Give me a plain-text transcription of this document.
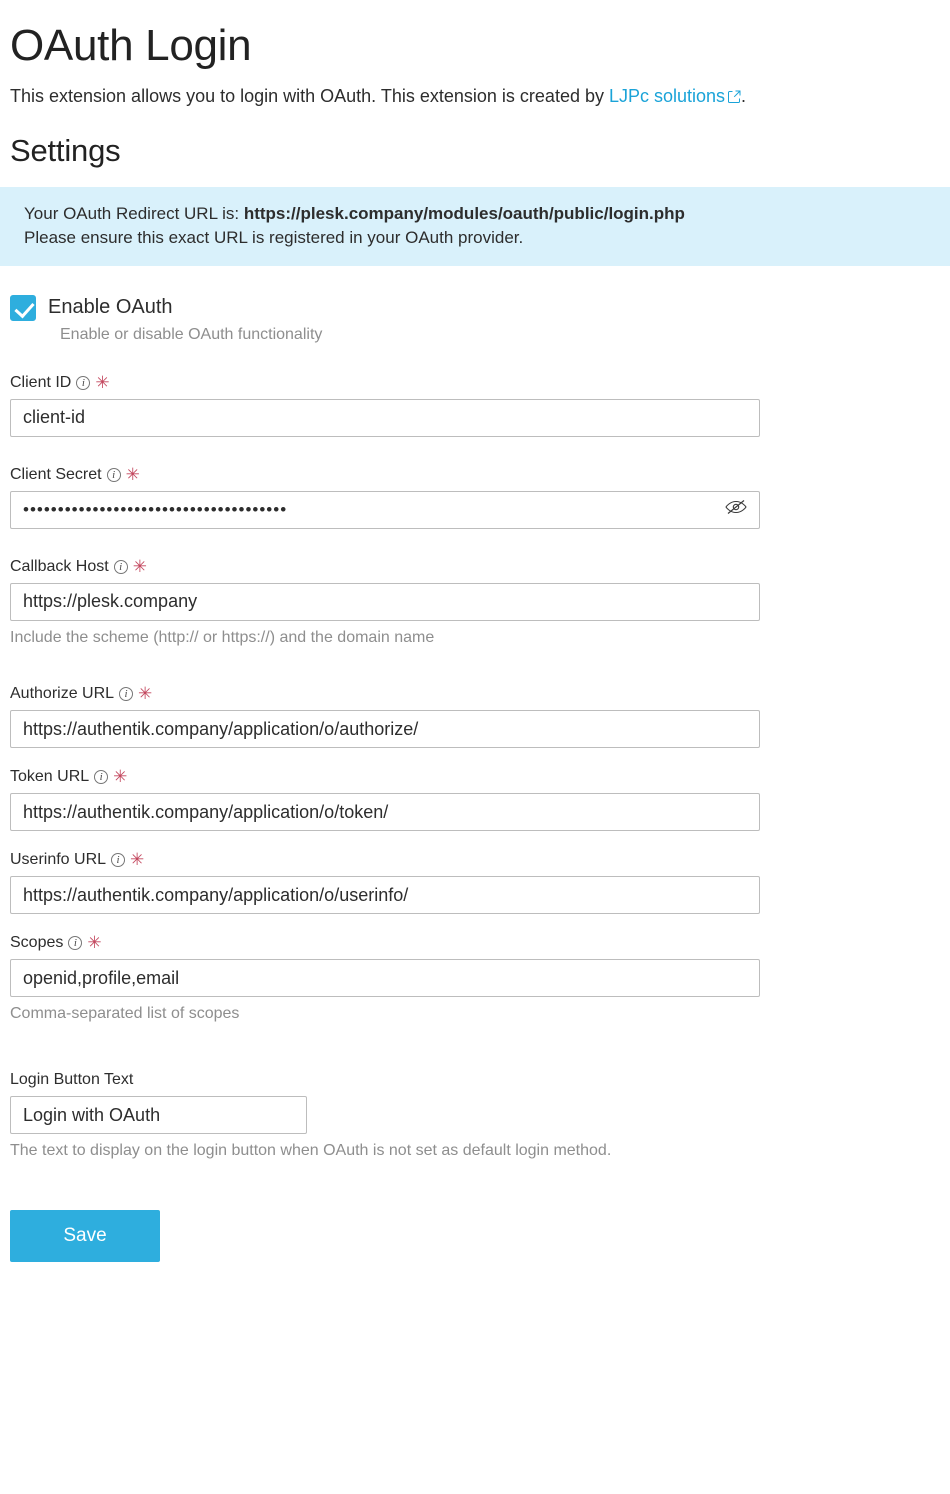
OAuth Login

This extension allows you to login with OAuth. This extension is created by LJPc solutions .

Settings
Your OAuth Redirect URL is: https://plesk.company/modules/oauth/public/login.php
Please ensure this exact URL is registered in your OAuth provider.
Enable OAuth
Enable or disable OAuth functionality
Client ID i ✳
client-id
Client Secret i ✳
••••••••••••••••••••••••••••••••••••••
Callback Host i ✳
https://plesk.company
Include the scheme (http:// or https://) and the domain name
Authorize URL i ✳
https://authentik.company/application/o/authorize/
Token URL i ✳
https://authentik.company/application/o/token/
Userinfo URL i ✳
https://authentik.company/application/o/userinfo/
Scopes i ✳
openid,profile,email
Comma-separated list of scopes
Login Button Text
Login with OAuth
The text to display on the login button when OAuth is not set as default login method.
Save
